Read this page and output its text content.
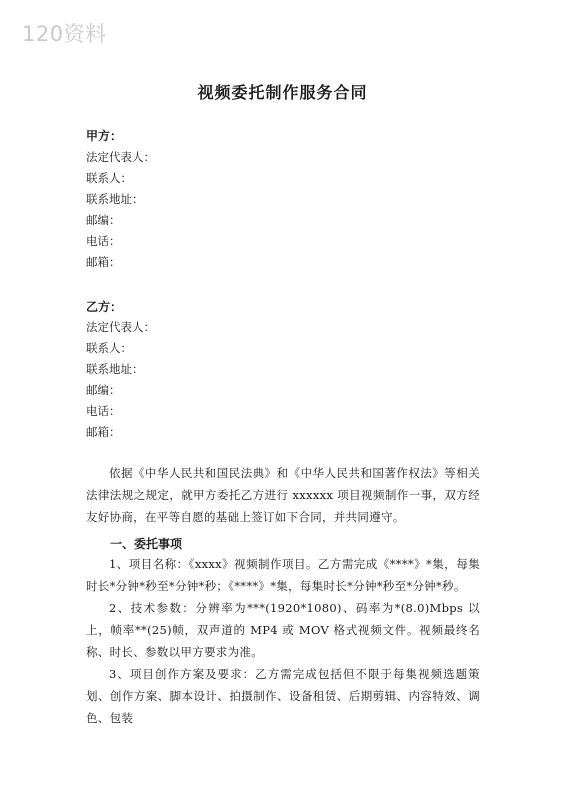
120资料
视频委托制作服务合同
甲方：
法定代表人：
联系人：
联系地址：
邮编：
电话：
邮箱：
乙方：
法定代表人：
联系人：
联系地址：
邮编：
电话：
邮箱：
依据《中华人民共和国民法典》和《中华人民共和国著作权法》等相关法律法规之规定，就甲方委托乙方进行 xxxxxx 项目视频制作一事，双方经友好协商，在平等自愿的基础上签订如下合同，并共同遵守。
一、委托事项
1、项目名称：《xxxx》视频制作项目。乙方需完成《****》*集，每集时长*分钟*秒至*分钟*秒；《****》*集，每集时长*分钟*秒至*分钟*秒。
2、技术参数：分辨率为***(1920*1080)、码率为*(8.0)Mbps 以上，帧率**(25)帧，双声道的 MP4 或 MOV 格式视频文件。视频最终名称、时长、参数以甲方要求为准。
3、项目创作方案及要求：乙方需完成包括但不限于每集视频选题策划、创作方案、脚本设计、拍摄制作、设备租赁、后期剪辑、内容特效、调色、包装
